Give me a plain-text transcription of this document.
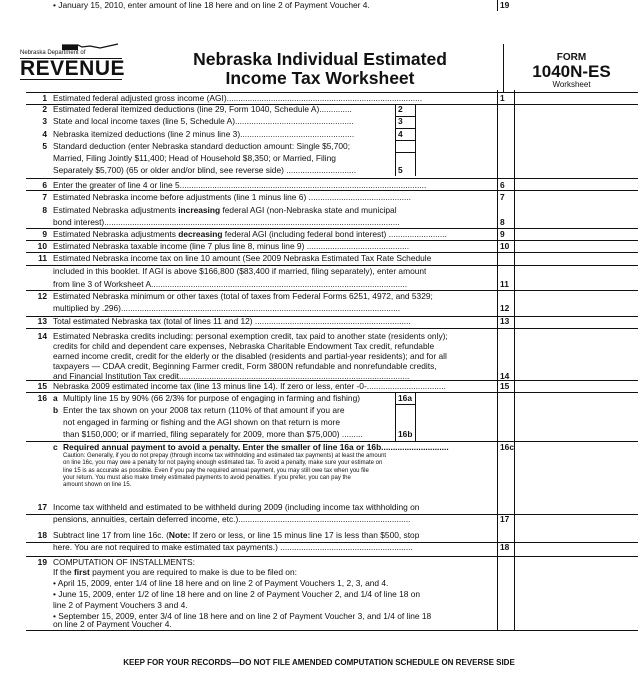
Nebraska Department of
REVENUE	Nebraska Individual Estimated
Income Tax Worksheet
FORM
1040N-ES
Worksheet
1 Estimated federal adjusted gross income (AGI)....................................................................................
2 Estimated federal itemized deductions (line 29, Form 1040, Schedule A)..............
3 State and local income taxes (line 5, Schedule A)...................................................
4 Nebraska itemized deductions (line 2 minus line 3).................................................
5 Standard deduction (enter Nebraska standard deduction amount: Single $5,700;
Married, Filing Jointly $11,400; Head of Household $8,350; or Married, Filing
Separately $5,700) (65 or older and/or blind, see reverse side) ..............................
6 Enter the greater of line 4 or line 5..........................................................................................................
7 Estimated Nebraska income before adjustments (line 1 minus line 6) ............................................
8 Estimated Nebraska adjustments increasing federal AGI (non-Nebraska state and municipal
bond interest)...............................................................................................................................
9 Estimated Nebraska adjustments decreasing federal AGI (including federal bond interest) .........................
10 Estimated Nebraska taxable income (line 7 plus line 8, minus line 9) ............................................
11 Estimated Nebraska income tax on line 10 amount (See 2009 Nebraska Estimated Tax Rate Schedule
included in this booklet. If AGI is above $166,800 ($83,400 if married, filing separately), enter amount
from line 3 of Worksheet A..............................................................................................................
12 Estimated Nebraska minimum or other taxes (total of taxes from Federal Forms 6251, 4972, and 5329;
multiplied by .296)........................................................................................................................
13 Total estimated Nebraska tax (total of lines 11 and 12) ...................................................................
14 Estimated Nebraska credits including: personal exemption credit, tax paid to another state (residents only);
credits for child and dependent care expenses, Nebraska Charitable Endowment Tax credit, refundable
earned income credit, credit for the elderly or the disabled (residents and partial-year residents); and for all
taxpayers — CDAA credit, Beginning Farmer credit, Form 3800N refundable and nonrefundable credits,
and Financial Institution Tax credit...................................................................................................
15 Nebraska 2009 estimated income tax (line 13 minus line 14). If zero or less, enter -0-..................................
16 a Multiply line 15 by 90% (66 2/3% for purpose of engaging in farming and fishing)
b Enter the tax shown on your 2008 tax return (110% of that amount if you are
not engaged in farming or fishing and the AGI shown on that return is more
than $150,000; or if married, filing separately for 2009, more than $75,000) .........
c Required annual payment to avoid a penalty. Enter the smaller of line 16a or 16b.............................
17 Income tax withheld and estimated to be withheld during 2009 (including income tax withholding on
pensions, annuities, certain deferred income, etc.)..........................................................................
18 Subtract line 17 from line 16c. (Note: If zero or less, or line 15 minus line 17 is less than $500, stop
here. You are not required to make estimated tax payments.) .........................................................
19 COMPUTATION OF INSTALLMENTS:
If the first payment you are required to make is due to be filed on:
• April 15, 2009, enter 1/4 of line 18 here and on line 2 of Payment Vouchers 1, 2, 3, and 4.
• June 15, 2009, enter 1/2 of line 18 here and on line 2 of Payment Voucher 2, and 1/4 of line 18 on
line 2 of Payment Vouchers 3 and 4.
• September 15, 2009, enter 3/4 of line 18 here and on line 2 of Payment Voucher 3, and 1/4 of line 18
on line 2 of Payment Voucher 4.
• January 15, 2010, enter amount of line 18 here and on line 2 of Payment Voucher 4.
Caution: Generally, if you do not prepay (through income tax withholding and estimated tax payments) at least the amount
on line 16c, you may owe a penalty for not paying enough estimated tax. To avoid a penalty, make sure your estimate on
line 15 is as accurate as possible. Even if you pay the required annual payment, you may still owe tax when you file
your return. You must also make timely estimated payments to avoid penalties. If you prefer, you can pay the
amount shown on line 15.
KEEP FOR YOUR RECORDS—DO NOT FILE AMENDED COMPUTATION SCHEDULE ON REVERSE SIDE
1
2
3
4
5
6
7
8
9
10
11
12
13
14
15
16a
16b
16c
17
18
19
